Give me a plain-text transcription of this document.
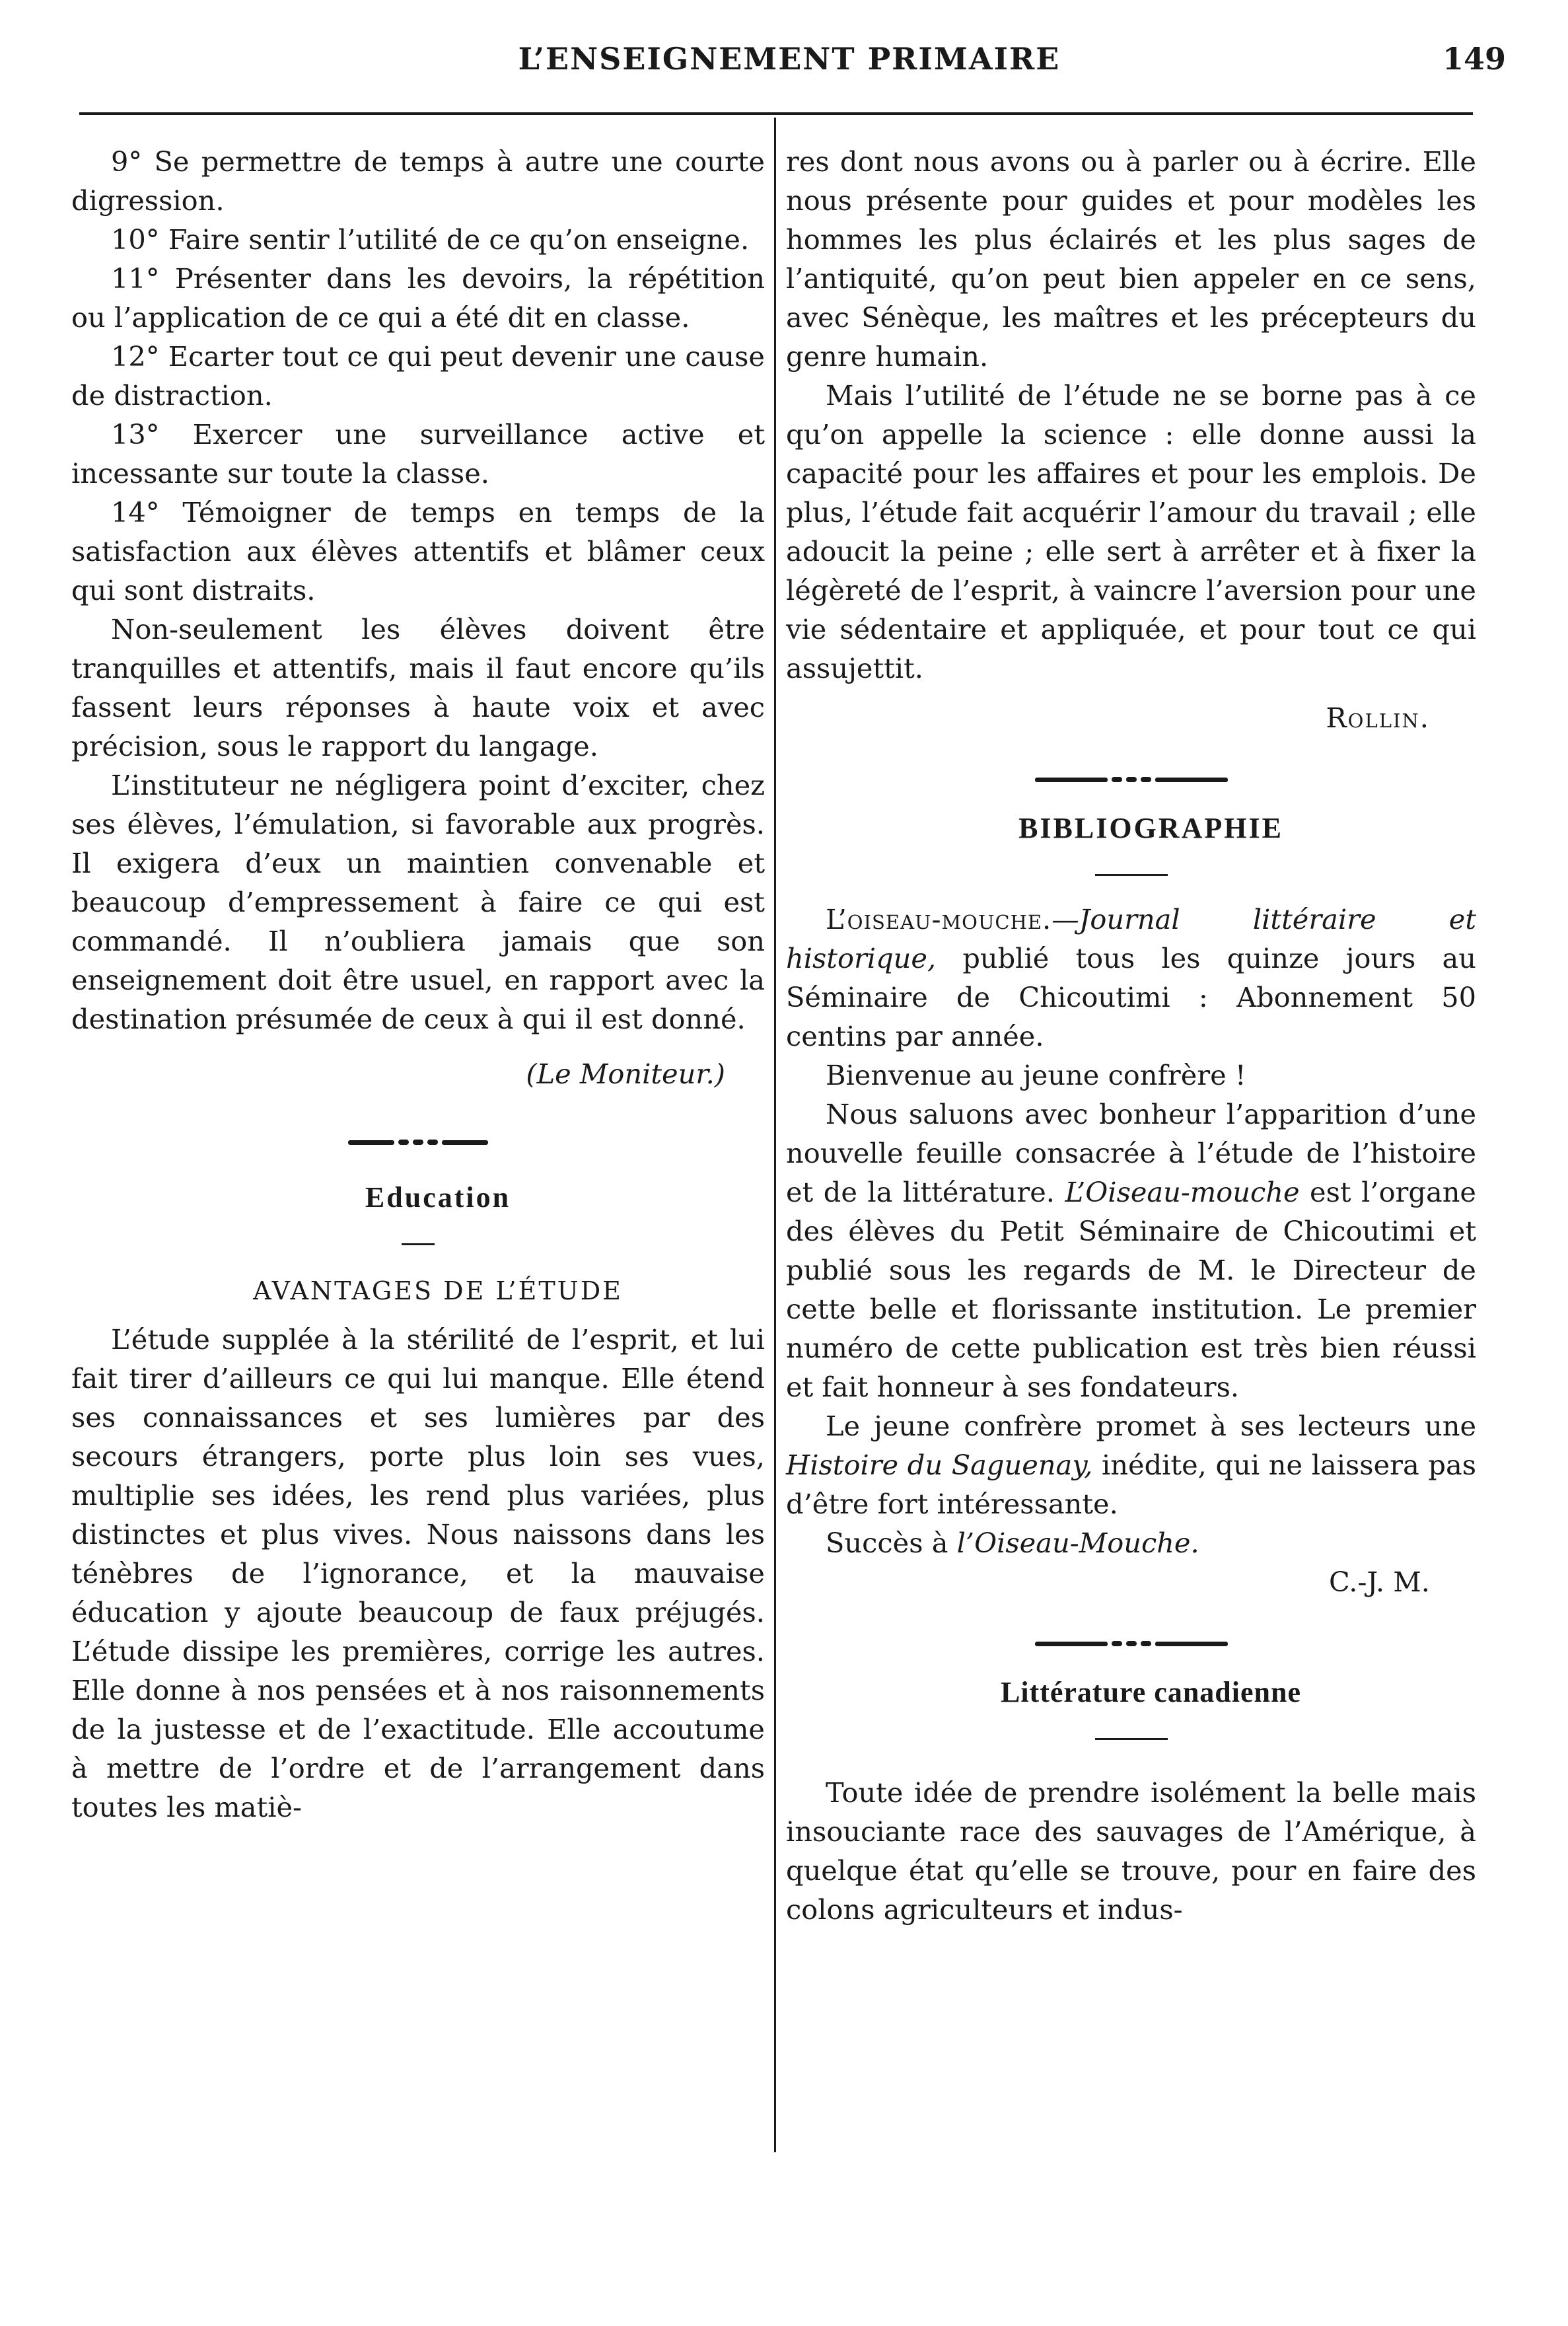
L’ENSEIGNEMENT PRIMAIRE	149

9° Se permettre de temps à autre une courte digression.

10° Faire sentir l’utilité de ce qu’on enseigne.

11° Présenter dans les devoirs, la répétition ou l’application de ce qui a été dit en classe.

12° Ecarter tout ce qui peut devenir une cause de distraction.

13° Exercer une surveillance active et incessante sur toute la classe.

14° Témoigner de temps en temps de la satisfaction aux élèves attentifs et blâmer ceux qui sont distraits.

Non-seulement les élèves doivent être tranquilles et attentifs, mais il faut encore qu’ils fassent leurs réponses à haute voix et avec précision, sous le rapport du langage.

L’instituteur ne négligera point d’exciter, chez ses élèves, l’émulation, si favorable aux progrès. Il exigera d’eux un maintien convenable et beaucoup d’empressement à faire ce qui est commandé. Il n’oubliera jamais que son enseignement doit être usuel, en rapport avec la destination présumée de ceux à qui il est donné.

(Le Moniteur.)

Education

AVANTAGES DE L’ÉTUDE

L’étude supplée à la stérilité de l’esprit, et lui fait tirer d’ailleurs ce qui lui manque. Elle étend ses connaissances et ses lumières par des secours étrangers, porte plus loin ses vues, multiplie ses idées, les rend plus variées, plus distinctes et plus vives. Nous naissons dans les ténèbres de l’ignorance, et la mauvaise éducation y ajoute beaucoup de faux préjugés. L’étude dissipe les premières, corrige les autres. Elle donne à nos pensées et à nos raisonnements de la justesse et de l’exactitude. Elle accoutume à mettre de l’ordre et de l’arrangement dans toutes les matiè-

res dont nous avons ou à parler ou à écrire. Elle nous présente pour guides et pour modèles les hommes les plus éclairés et les plus sages de l’antiquité, qu’on peut bien appeler en ce sens, avec Sénèque, les maîtres et les précepteurs du genre humain.

Mais l’utilité de l’étude ne se borne pas à ce qu’on appelle la science : elle donne aussi la capacité pour les affaires et pour les emplois. De plus, l’étude fait acquérir l’amour du travail ; elle adoucit la peine ; elle sert à arrêter et à fixer la légèreté de l’esprit, à vaincre l’aversion pour une vie sédentaire et appliquée, et pour tout ce qui assujettit.

Rollin.

BIBLIOGRAPHIE

L’oiseau-mouche.—Journal littéraire et historique, publié tous les quinze jours au Séminaire de Chicoutimi : Abonnement 50 centins par année.

Bienvenue au jeune confrère !

Nous saluons avec bonheur l’apparition d’une nouvelle feuille consacrée à l’étude de l’histoire et de la littérature. L’Oiseau-mouche est l’organe des élèves du Petit Séminaire de Chicoutimi et publié sous les regards de M. le Directeur de cette belle et florissante institution. Le premier numéro de cette publication est très bien réussi et fait honneur à ses fondateurs.

Le jeune confrère promet à ses lecteurs une Histoire du Saguenay, inédite, qui ne laissera pas d’être fort intéressante.

Succès à l’Oiseau-Mouche.

C.-J. M.

Littérature canadienne

Toute idée de prendre isolément la belle mais insouciante race des sauvages de l’Amérique, à quelque état qu’elle se trouve, pour en faire des colons agriculteurs et indus-
